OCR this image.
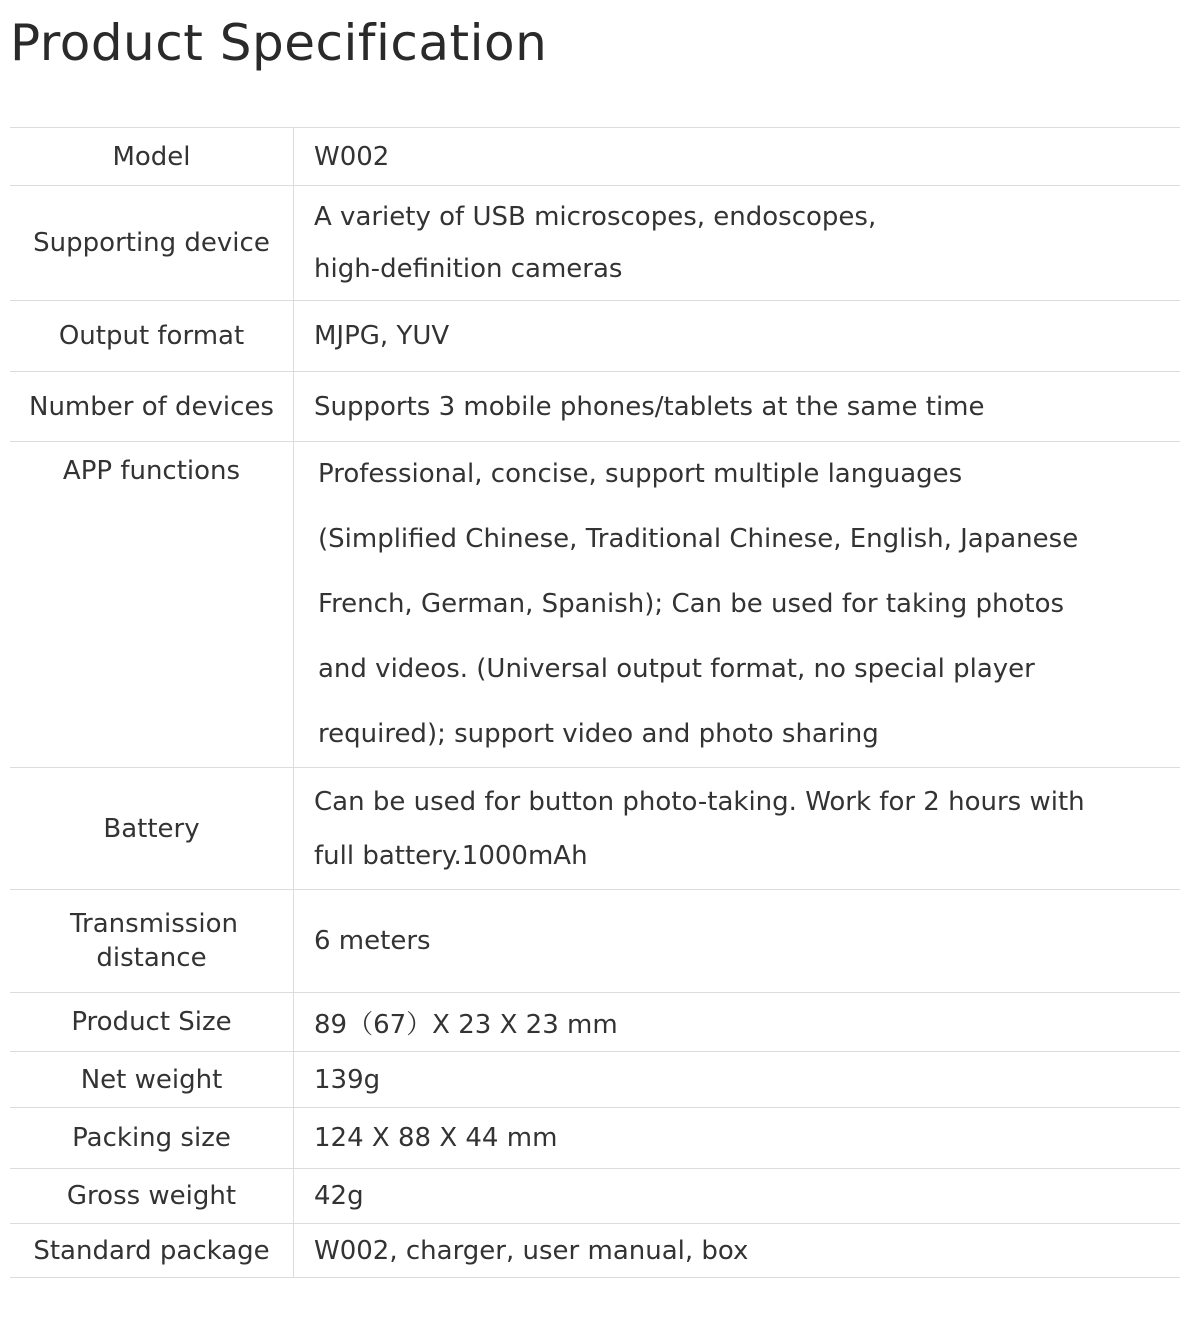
Product Specification
Model	W002

Supporting device	A variety of USB microscopes, endoscopes,
high-definition cameras

Output format	MJPG, YUV

Number of devices	Supports 3 mobile phones/tablets at the same time

APP functions	Professional, concise, support multiple languages
(Simplified Chinese, Traditional Chinese, English, Japanese
French, German, Spanish); Can be used for taking photos
and videos. (Universal output format, no special player
required); support video and photo sharing

Battery	Can be used for button photo-taking. Work for 2 hours with
full battery.1000mAh

Transmission distance	6 meters

Product Size	89（67）X 23 X 23 mm

Net weight	139g

Packing size	124 X 88 X 44 mm

Gross weight	42g

Standard package	W002, charger, user manual, box
